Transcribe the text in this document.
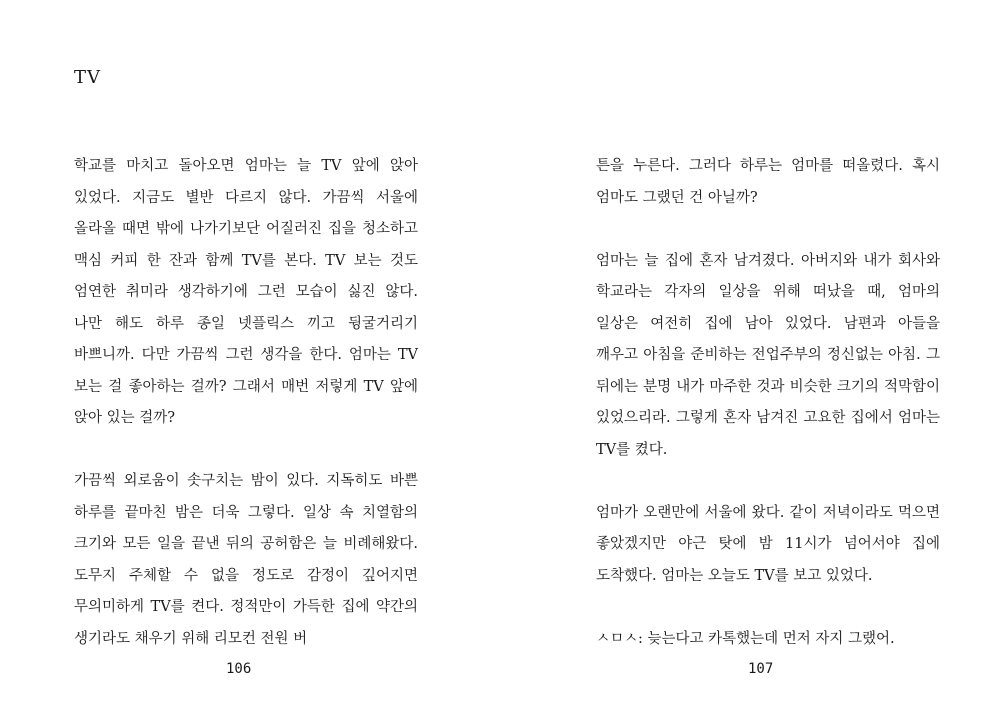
TV

학교를 마치고 돌아오면 엄마는 늘 TV 앞에 앉아 있었다. 지금도 별반 다르지 않다. 가끔씩 서울에 올라올 때면 밖에 나가기보단 어질러진 집을 청소하고 맥심 커피 한 잔과 함께 TV를 본다. TV 보는 것도 엄연한 취미라 생각하기에 그런 모습이 싫진 않다. 나만 해도 하루 종일 넷플릭스 끼고 뒹굴거리기 바쁘니까. 다만 가끔씩 그런 생각을 한다. 엄마는 TV 보는 걸 좋아하는 걸까? 그래서 매번 저렇게 TV 앞에 앉아 있는 걸까?

가끔씩 외로움이 솟구치는 밤이 있다. 지독히도 바쁜 하루를 끝마친 밤은 더욱 그렇다. 일상 속 치열함의 크기와 모든 일을 끝낸 뒤의 공허함은 늘 비례해왔다. 도무지 주체할 수 없을 정도로 감정이 깊어지면 무의미하게 TV를 켠다. 정적만이 가득한 집에 약간의 생기라도 채우기 위해 리모컨 전원 버

106

튼을 누른다. 그러다 하루는 엄마를 떠올렸다. 혹시 엄마도 그랬던 건 아닐까?

엄마는 늘 집에 혼자 남겨졌다. 아버지와 내가 회사와 학교라는 각자의 일상을 위해 떠났을 때, 엄마의 일상은 여전히 집에 남아 있었다. 남편과 아들을 깨우고 아침을 준비하는 전업주부의 정신없는 아침. 그 뒤에는 분명 내가 마주한 것과 비슷한 크기의 적막함이 있었으리라. 그렇게 혼자 남겨진 고요한 집에서 엄마는 TV를 켰다.

엄마가 오랜만에 서울에 왔다. 같이 저녁이라도 먹으면 좋았겠지만 야근 탓에 밤 11시가 넘어서야 집에 도착했다. 엄마는 오늘도 TV를 보고 있었다.

ㅅㅁㅅ: 늦는다고 카톡했는데 먼저 자지 그랬어.

107
